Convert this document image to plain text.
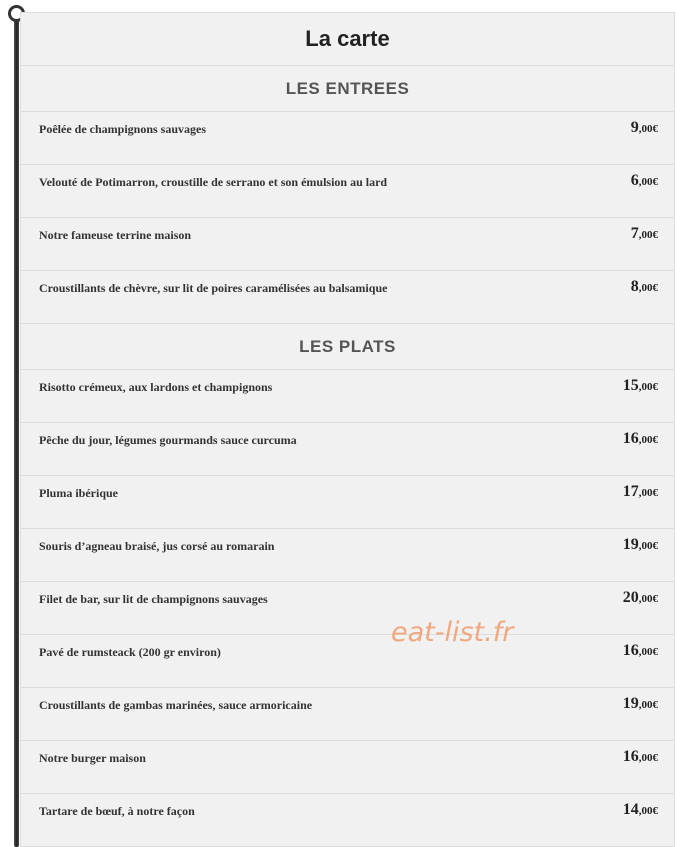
La carte
LES ENTREES
Poêlée de champignons sauvages	9,00€
Velouté de Potimarron, croustille de serrano et son émulsion au lard	6,00€
Notre fameuse terrine maison	7,00€
Croustillants de chèvre, sur lit de poires caramélisées au balsamique	8,00€
LES PLATS
Risotto crémeux, aux lardons et champignons	15,00€
Pêche du jour, légumes gourmands sauce curcuma	16,00€
Pluma ibérique	17,00€
Souris d’agneau braisé, jus corsé au romarain	19,00€
Filet de bar, sur lit de champignons sauvages	20,00€
Pavé de rumsteack (200 gr environ)	16,00€
Croustillants de gambas marinées, sauce armoricaine	19,00€
Notre burger maison	16,00€
Tartare de bœuf, à notre façon	14,00€
eat-list.fr
